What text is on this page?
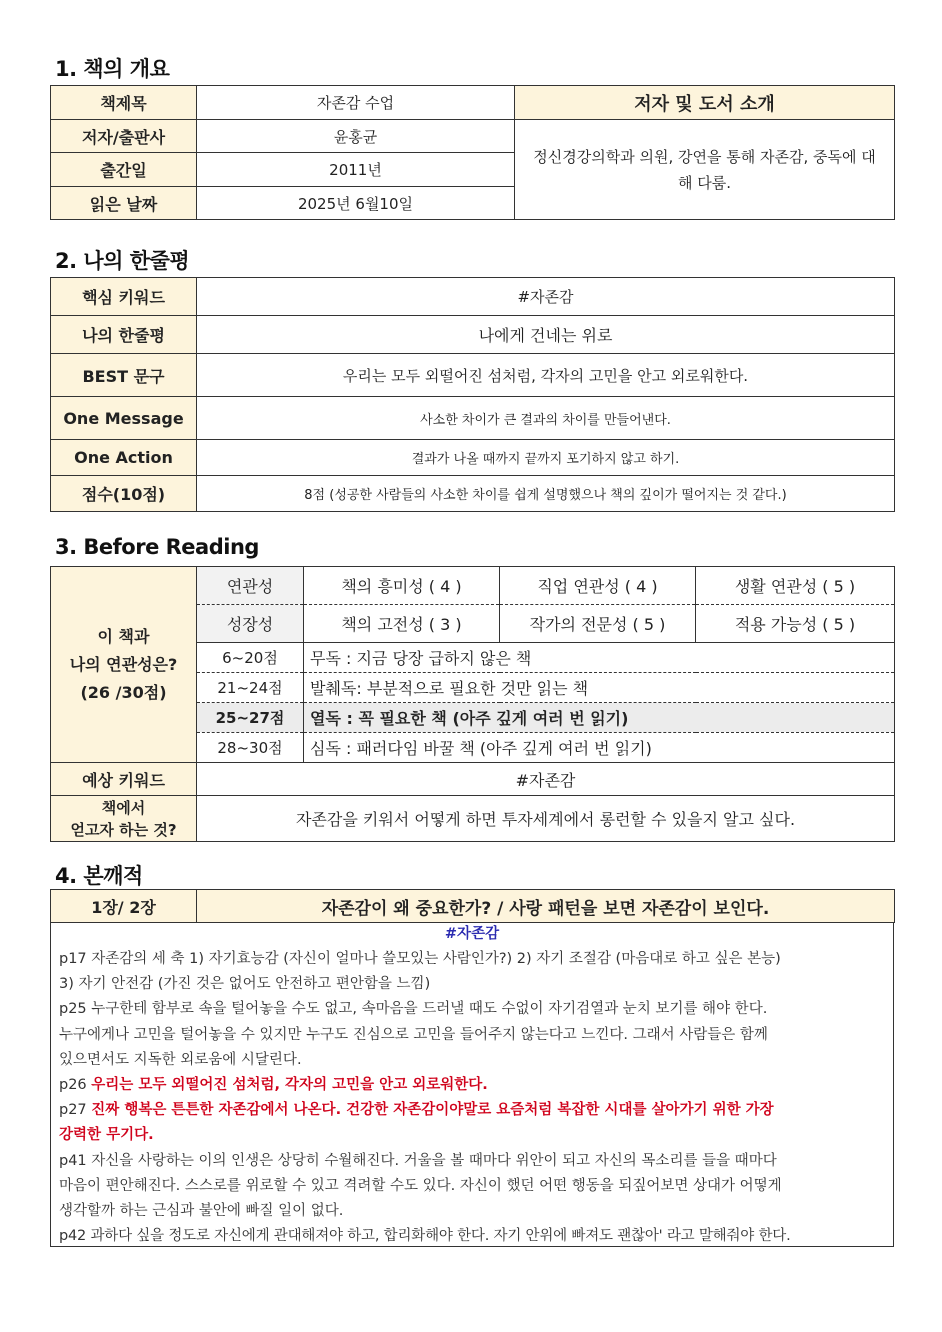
1. 책의 개요
책제목	자존감 수업	저자 및 도서 소개
저자/출판사	윤홍균	정신경강의학과 의원, 강연을 통해 자존감, 중독에 대해 다룸.
출간일	2011년	
읽은 날짜	2025년 6월10일	
2. 나의 한줄평
핵심 키워드	#자존감
나의 한줄평	나에게 건네는 위로
BEST 문구	우리는 모두 외떨어진 섬처럼, 각자의 고민을 안고 외로워한다.
One Message	사소한 차이가 큰 결과의 차이를 만들어낸다.
One Action	결과가 나올 때까지 끝까지 포기하지 않고 하기.
점수(10점)	8점 (성공한 사람들의 사소한 차이를 쉽게 설명했으나 책의 깊이가 떨어지는 것 같다.)
3. Before Reading
이 책과
나의 연관성은?
(26 /30점)	연관성	책의 흥미성 ( 4 )	직업 연관성 ( 4 )	생활 연관성 ( 5 )
	성장성	책의 고전성 ( 3 )	작가의 전문성 ( 5 )	적용 가능성 ( 5 )
	6~20점	무독 : 지금 당장 급하지 않은 책		
	21~24점	발췌독: 부분적으로 필요한 것만 읽는 책		
	25~27점	열독 : 꼭 필요한 책 (아주 깊게 여러 번 읽기)		
	28~30점	심독 : 패러다임 바꿀 책 (아주 깊게 여러 번 읽기)		
예상 키워드	#자존감			

책에서
얻고자 하는 것?	자존감을 키워서 어떻게 하면 투자세계에서 롱런할 수 있을지 알고 싶다.			
4. 본깨적
1장/ 2장	자존감이 왜 중요한가? / 사랑 패턴을 보면 자존감이 보인다.
#자존감

p17 자존감의 세 축 1) 자기효능감 (자신이 얼마나 쓸모있는 사람인가?) 2) 자기 조절감 (마음대로 하고 싶은 본능)

3) 자기 안전감 (가진 것은 없어도 안전하고 편안함을 느낌)

p25 누구한테 함부로 속을 털어놓을 수도 없고, 속마음을 드러낼 때도 수없이 자기검열과 눈치 보기를 해야 한다.

누구에게나 고민을 털어놓을 수 있지만 누구도 진심으로 고민을 들어주지 않는다고 느낀다. 그래서 사람들은 함께

있으면서도 지독한 외로움에 시달린다.

p26 우리는 모두 외떨어진 섬처럼, 각자의 고민을 안고 외로워한다.

p27 진짜 행복은 튼튼한 자존감에서 나온다. 건강한 자존감이야말로 요즘처럼 복잡한 시대를 살아가기 위한 가장

강력한 무기다.

p41 자신을 사랑하는 이의 인생은 상당히 수월해진다. 거울을 볼 때마다 위안이 되고 자신의 목소리를 들을 때마다

마음이 편안해진다. 스스로를 위로할 수 있고 격려할 수도 있다. 자신이 했던 어떤 행동을 되짚어보면 상대가 어떻게

생각할까 하는 근심과 불안에 빠질 일이 없다.

p42 과하다 싶을 정도로 자신에게 관대해져야 하고, 합리화해야 한다. 자기 안위에 빠져도 괜찮아' 라고 말해줘야 한다.
